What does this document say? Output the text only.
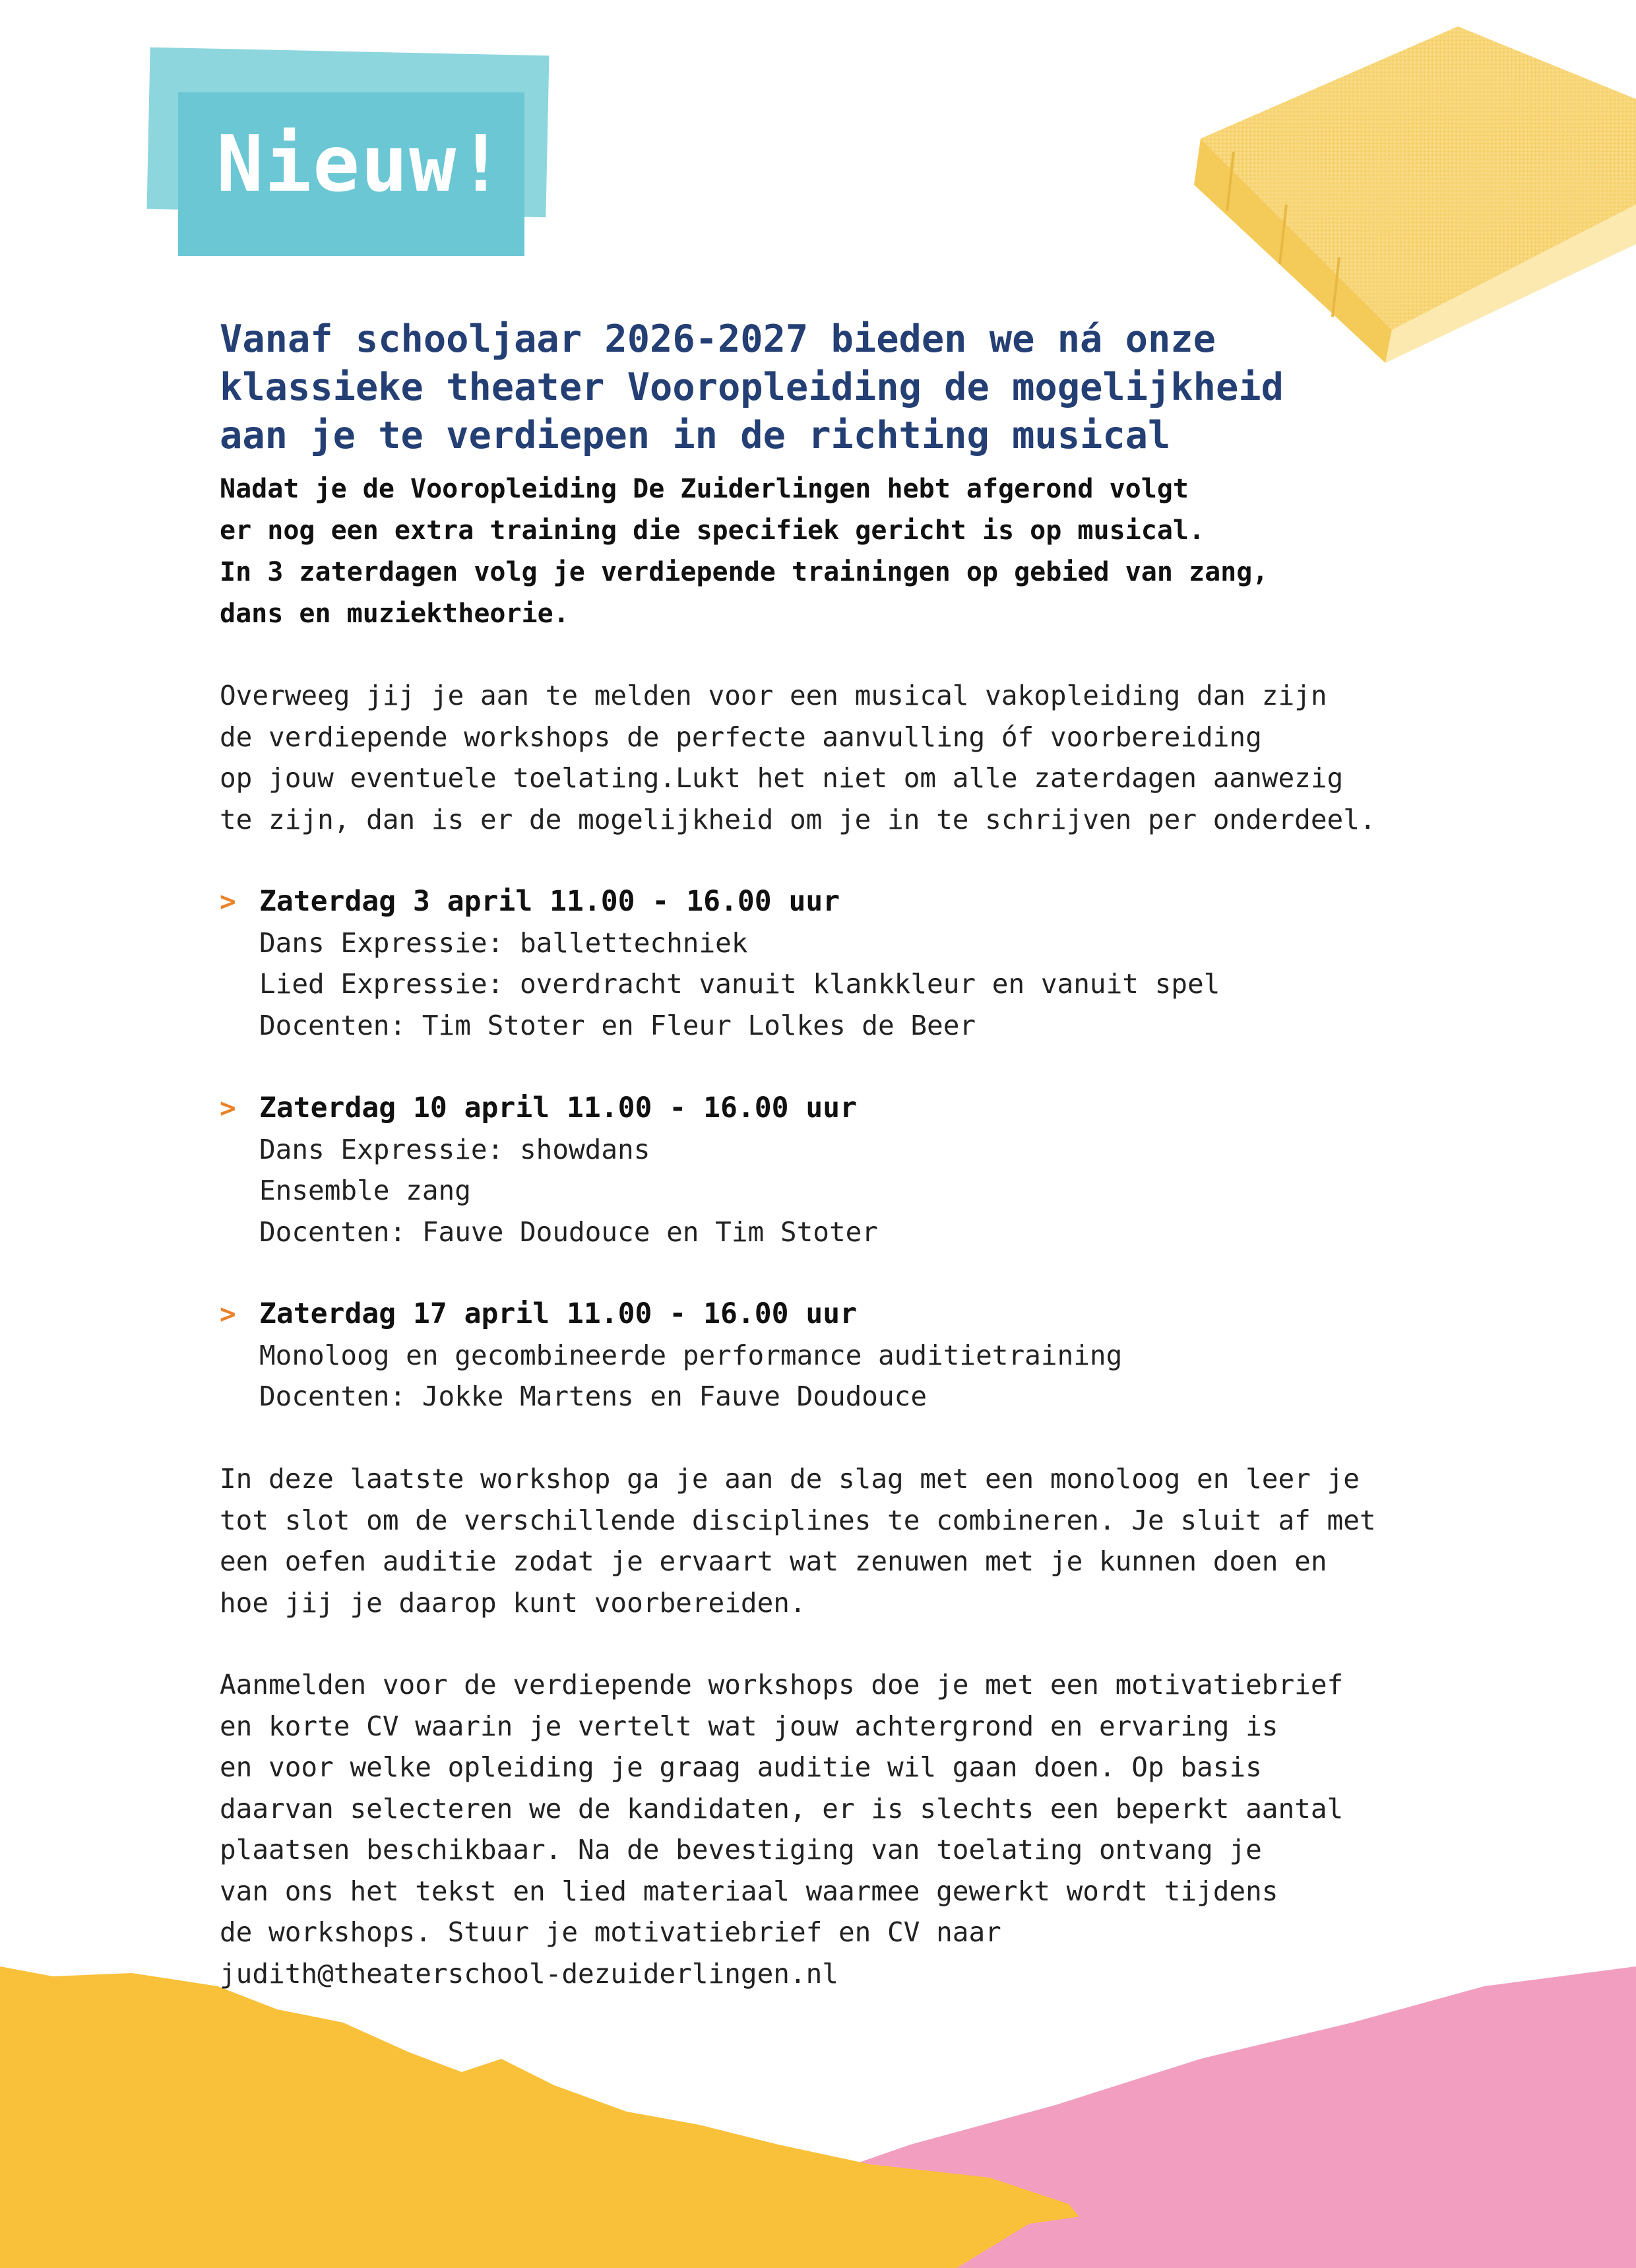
Nieuw!
Vanaf schooljaar 2026-2027 bieden we ná onze
klassieke theater Vooropleiding de mogelijkheid
aan je te verdiepen in de richting musical
Nadat je de Vooropleiding De Zuiderlingen hebt afgerond volgt
er nog een extra training die specifiek gericht is op musical.
In 3 zaterdagen volg je verdiepende trainingen op gebied van zang,
dans en muziektheorie.
Overweeg jij je aan te melden voor een musical vakopleiding dan zijn
de verdiepende workshops de perfecte aanvulling óf voorbereiding
op jouw eventuele toelating.Lukt het niet om alle zaterdagen aanwezig
te zijn, dan is er de mogelijkheid om je in te schrijven per onderdeel.
> Zaterdag 3 april 11.00 - 16.00 uur
Dans Expressie: ballettechniek
Lied Expressie: overdracht vanuit klankkleur en vanuit spel
Docenten: Tim Stoter en Fleur Lolkes de Beer
> Zaterdag 10 april 11.00 - 16.00 uur
Dans Expressie: showdans
Ensemble zang
Docenten: Fauve Doudouce en Tim Stoter
> Zaterdag 17 april 11.00 - 16.00 uur
Monoloog en gecombineerde performance auditietraining
Docenten: Jokke Martens en Fauve Doudouce
In deze laatste workshop ga je aan de slag met een monoloog en leer je
tot slot om de verschillende disciplines te combineren. Je sluit af met
een oefen auditie zodat je ervaart wat zenuwen met je kunnen doen en
hoe jij je daarop kunt voorbereiden.
Aanmelden voor de verdiepende workshops doe je met een motivatiebrief
en korte CV waarin je vertelt wat jouw achtergrond en ervaring is
en voor welke opleiding je graag auditie wil gaan doen. Op basis
daarvan selecteren we de kandidaten, er is slechts een beperkt aantal
plaatsen beschikbaar. Na de bevestiging van toelating ontvang je
van ons het tekst en lied materiaal waarmee gewerkt wordt tijdens
de workshops. Stuur je motivatiebrief en CV naar
judith@theaterschool-dezuiderlingen.nl
